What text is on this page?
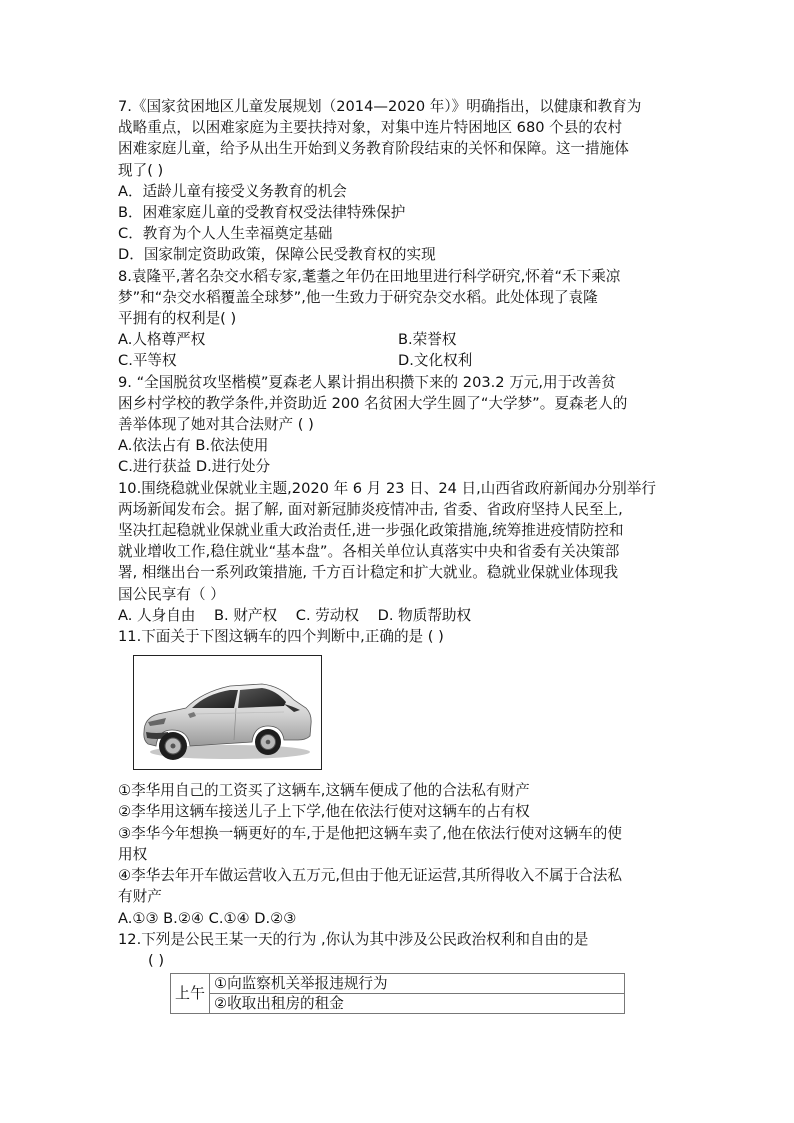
7.《国家贫困地区儿童发展规划（2014—2020 年）》明确指出，以健康和教育为
战略重点，以困难家庭为主要扶持对象，对集中连片特困地区 680 个县的农村
困难家庭儿童，给予从出生开始到义务教育阶段结束的关怀和保障。这一措施体
现了( )
A．适龄儿童有接受义务教育的机会
B．困难家庭儿童的受教育权受法律特殊保护
C．教育为个人人生幸福奠定基础
D．国家制定资助政策，保障公民受教育权的实现
8.袁隆平,著名杂交水稻专家,耄耋之年仍在田地里进行科学研究,怀着“禾下乘凉
梦”和“杂交水稻覆盖全球梦”,他一生致力于研究杂交水稻。此处体现了袁隆
平拥有的权利是( )
A.人格尊严权	B.荣誉权
C.平等权	D.文化权利
9. “全国脱贫攻坚楷模”夏森老人累计捐出积攒下来的 203.2 万元,用于改善贫
困乡村学校的教学条件,并资助近 200 名贫困大学生圆了“大学梦”。夏森老人的
善举体现了她对其合法财产 ( )
A.依法占有 B.依法使用
C.进行获益 D.进行处分
10.围绕稳就业保就业主题,2020 年 6 月 23 日、24 日,山西省政府新闻办分别举行
两场新闻发布会。据了解, 面对新冠肺炎疫情冲击, 省委、省政府坚持人民至上,
坚决扛起稳就业保就业重大政治责任,进一步强化政策措施,统筹推进疫情防控和
就业增收工作,稳住就业“基本盘”。各相关单位认真落实中央和省委有关决策部
署, 相继出台一系列政策措施, 千方百计稳定和扩大就业。稳就业保就业体现我
国公民享有（ ）
A. 人身自由 B. 财产权 C. 劳动权 D. 物质帮助权
11.下面关于下图这辆车的四个判断中,正确的是 ( )
①李华用自己的工资买了这辆车,这辆车便成了他的合法私有财产
②李华用这辆车接送儿子上下学,他在依法行使对这辆车的占有权
③李华今年想换一辆更好的车,于是他把这辆车卖了,他在依法行使对这辆车的使
用权
④李华去年开车做运营收入五万元,但由于他无证运营,其所得收入不属于合法私
有财产
A.①③ B.②④ C.①④ D.②③
12.下列是公民王某一天的行为 ,你认为其中涉及公民政治权利和自由的是
( )
上午	①向监察机关举报违规行为
②收取出租房的租金
